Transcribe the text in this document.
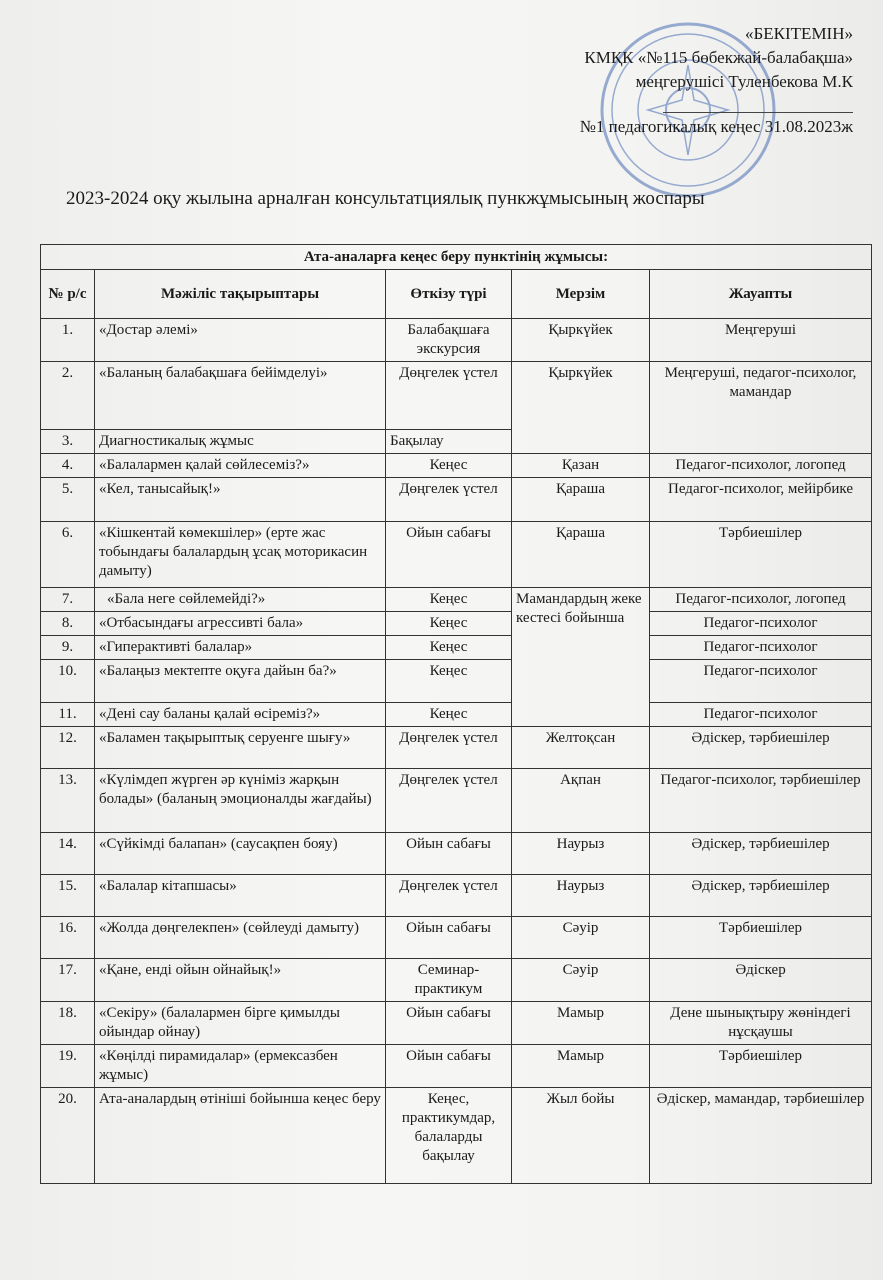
«БЕКІТЕМІН»
КМҚК «№115 бөбекжай-балабақша»
меңгерушісі Туленбекова М.К
№1 педагогикалық кеңес 31.08.2023ж
2023-2024 оқу жылына арналған консультатциялық пункжұмысының жоспары
Ата-аналарға кеңес беру пунктінің жұмысы:				
№ р/с	Мәжіліс тақырыптары	Өткізу түрі	Мерзім	Жауапты
1.	«Достар әлемі»	Балабақшаға экскурсия	Қыркүйек	Меңгеруші
2.	«Баланың балабақшаға бейімделуі»	Дөңгелек үстел	Қыркүйек	Меңгеруші, педагог-психолог, мамандар
3.	Диагностикалық жұмыс	Бақылау		
4.	«Балалармен қалай сөйлесеміз?»	Кеңес	Қазан	Педагог-психолог, логопед
5.	«Кел, танысайық!»	Дөңгелек үстел	Қараша	Педагог-психолог, мейірбике
6.	«Кішкентай көмекшілер» (ерте жас тобындағы балалардың ұсақ моторикасин дамыту)	Ойын сабағы	Қараша	Тәрбиешілер
7.	«Бала неге сөйлемейді?»	Кеңес	Мамандардың жеке кестесі бойынша	Педагог-психолог, логопед
8.	«Отбасындағы агрессивті бала»	Кеңес		Педагог-психолог
9.	«Гиперактивті балалар»	Кеңес		Педагог-психолог
10.	«Балаңыз мектепте оқуға дайын ба?»	Кеңес		Педагог-психолог
11.	«Дені сау баланы қалай өсіреміз?»	Кеңес		Педагог-психолог
12.	«Баламен тақырыптық серуенге шығу»	Дөңгелек үстел	Желтоқсан	Әдіскер, тәрбиешілер
13.	«Күлімдеп жүрген әр күніміз жарқын болады» (баланың эмоционалды жағдайы)	Дөңгелек үстел	Ақпан	Педагог-психолог, тәрбиешілер
14.	«Сүйкімді балапан» (саусақпен бояу)	Ойын сабағы	Наурыз	Әдіскер, тәрбиешілер
15.	«Балалар кітапшасы»	Дөңгелек үстел	Наурыз	Әдіскер, тәрбиешілер
16.	«Жолда дөңгелекпен» (сөйлеуді дамыту)	Ойын сабағы	Сәуір	Тәрбиешілер
17.	«Қане, енді ойын ойнайық!»	Семинар-практикум	Сәуір	Әдіскер
18.	«Секіру» (балалармен бірге қимылды ойындар ойнау)	Ойын сабағы	Мамыр	Дене шынықтыру жөніндегі нұсқаушы
19.	«Көңілді пирамидалар» (ермексазбен жұмыс)	Ойын сабағы	Мамыр	Тәрбиешілер
20.	Ата-аналардың өтініші бойынша кеңес беру	Кеңес, практикумдар, балаларды бақылау	Жыл бойы	Әдіскер, мамандар, тәрбиешілер
